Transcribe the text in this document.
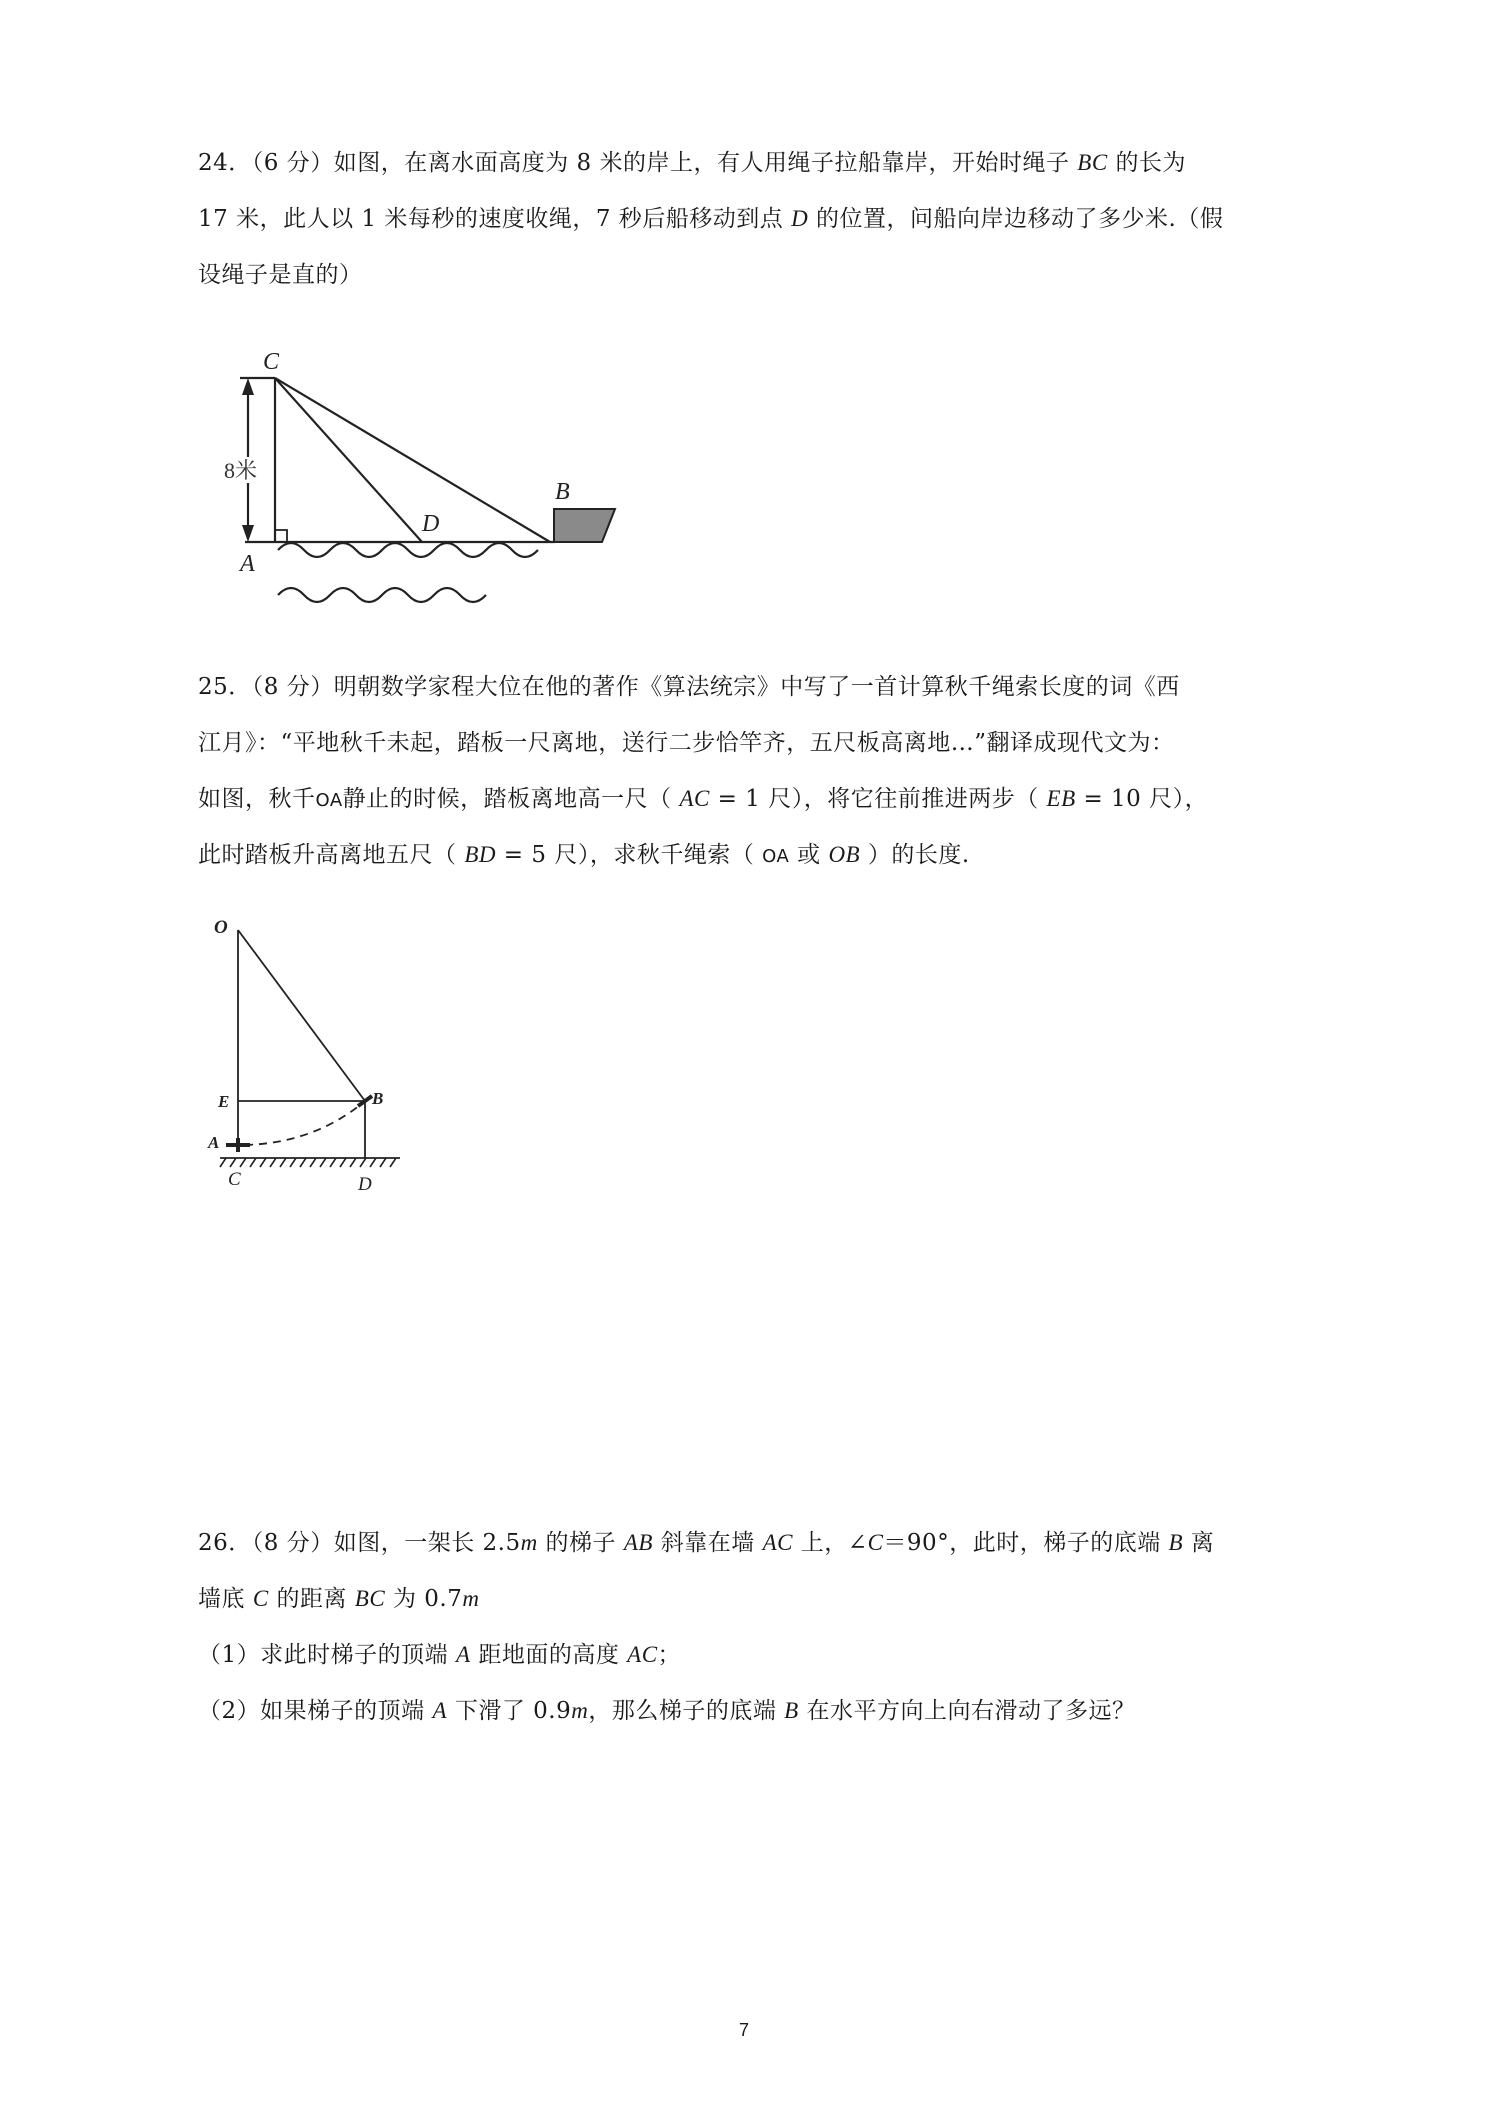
24．（6 分）如图，在离水面高度为 8 米的岸上，有人用绳子拉船靠岸，开始时绳子 BC 的长为
17 米，此人以 1 米每秒的速度收绳，7 秒后船移动到点 D 的位置，问船向岸边移动了多少米.（假
设绳子是直的）
C
A
D
B
8米
25．（8 分）明朝数学家程大位在他的著作《算法统宗》中写了一首计算秋千绳索长度的词《西
江月》：“平地秋千未起，踏板一尺离地，送行二步恰竿齐，五尺板高离地…”翻译成现代文为：
如图，秋千OA静止的时候，踏板离地高一尺（ AC = 1 尺），将它往前推进两步（ EB = 10 尺），
此时踏板升高离地五尺（ BD = 5 尺），求秋千绳索（ OA 或 OB ）的长度.
O
E	B
A
C	D
26．（8 分）如图，一架长 2.5m 的梯子 AB 斜靠在墙 AC 上，∠C＝90°，此时，梯子的底端 B 离
墙底 C 的距离 BC 为 0.7m
（1）求此时梯子的顶端 A 距地面的高度 AC；
（2）如果梯子的顶端 A 下滑了 0.9m，那么梯子的底端 B 在水平方向上向右滑动了多远？
7
